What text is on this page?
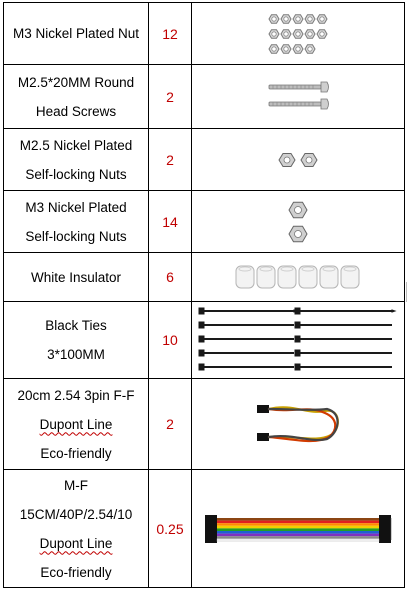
M3 Nickel Plated Nut	12	

M2.5*20MM Round
Head Screws	2	

M2.5 Nickel Plated
Self-locking Nuts	2	

M3 Nickel Plated
Self-locking Nuts	14	

White Insulator	6	

Black Ties
3*100MM	10	

20cm 2.54 3pin F-F
Dupont Line
Eco-friendly	2	

M-F
15CM/40P/2.54/10
Dupont Line
Eco-friendly	0.25	
